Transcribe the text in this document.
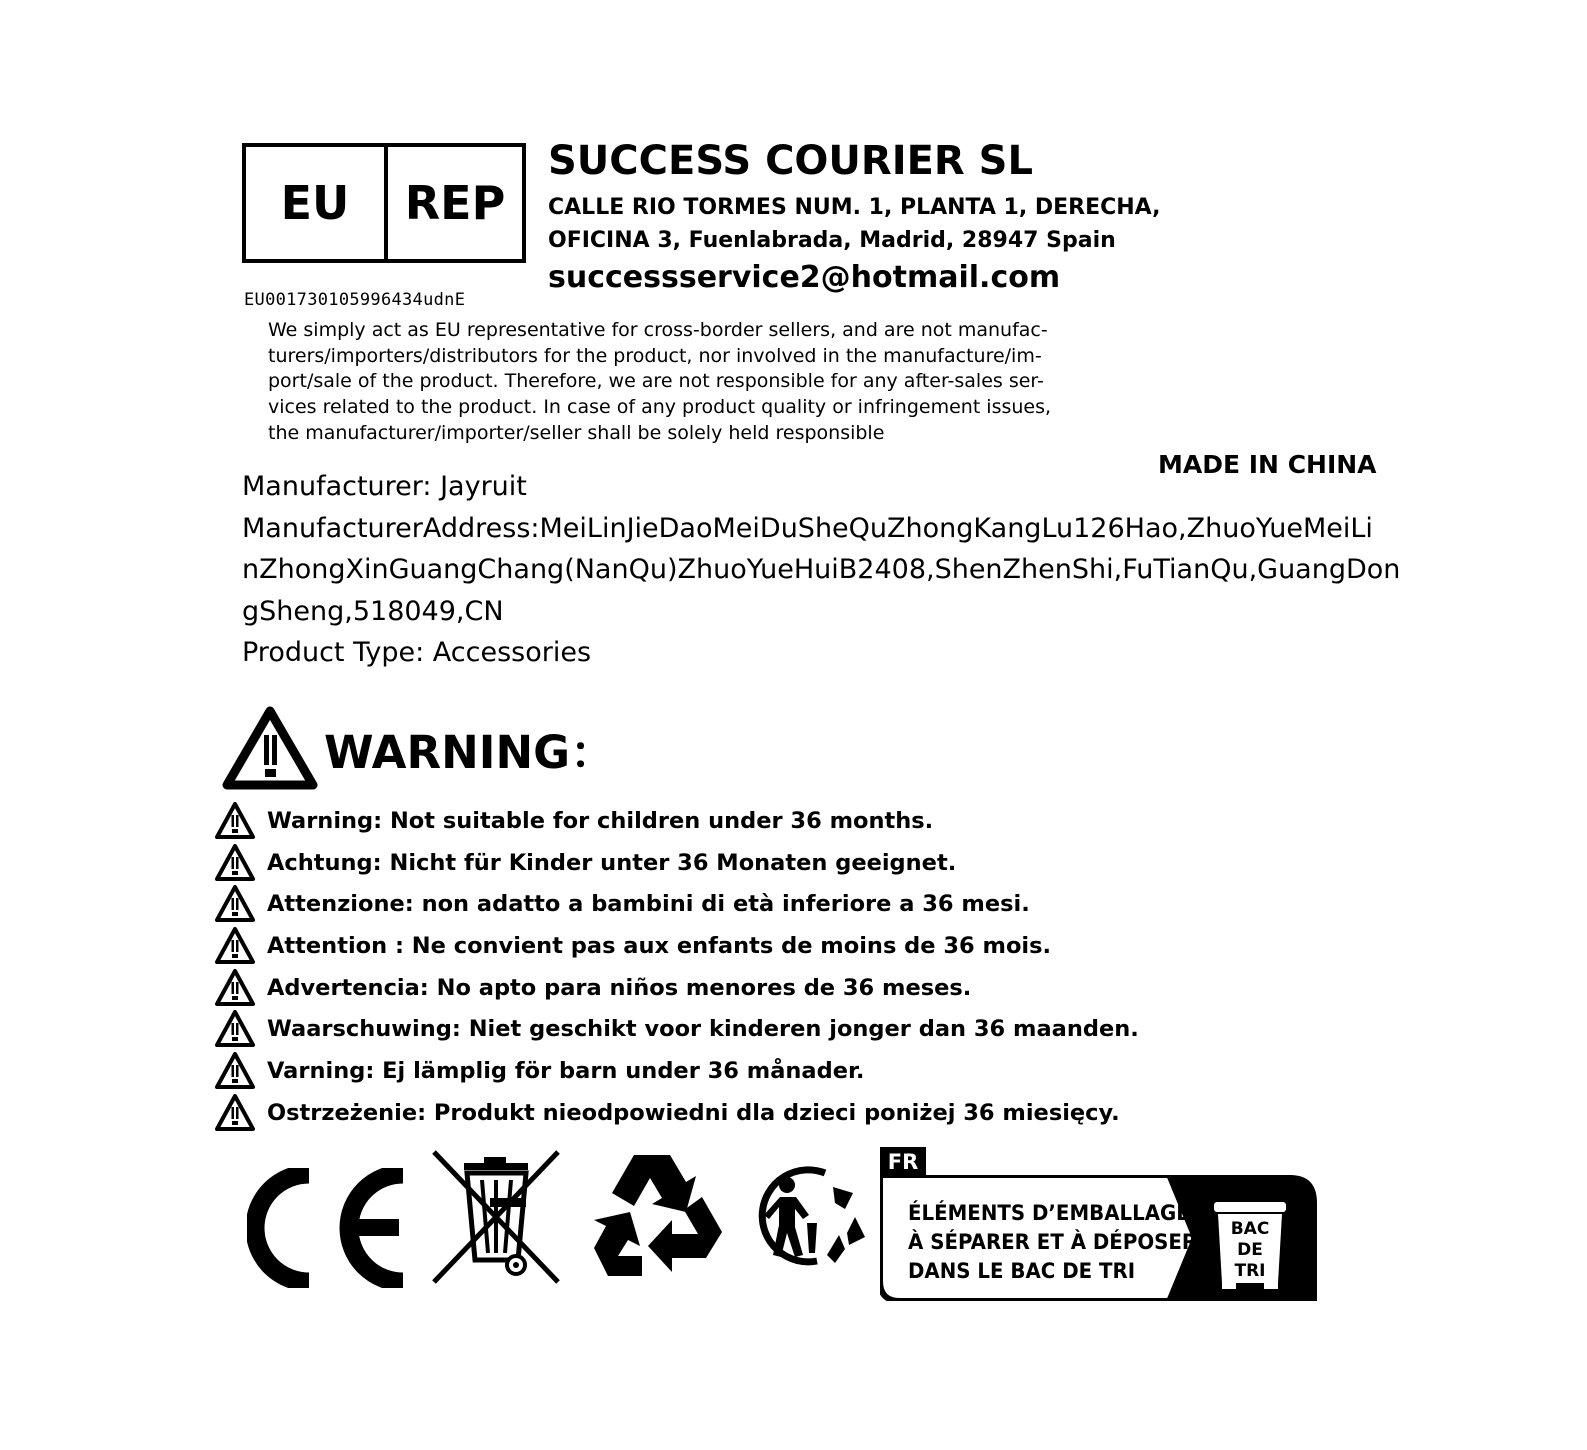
EU	REP
EU001730105996434udnE
SUCCESS COURIER SL
CALLE RIO TORMES NUM. 1, PLANTA 1, DERECHA,
OFICINA 3, Fuenlabrada, Madrid, 28947 Spain
successservice2@hotmail.com
We simply act as EU representative for cross-border sellers, and are not manufac-
turers/importers/distributors for the product, nor involved in the manufacture/im-
port/sale of the product. Therefore, we are not responsible for any after-sales ser-
vices related to the product. In case of any product quality or infringement issues,
the manufacturer/importer/seller shall be solely held responsible
MADE IN CHINA
Manufacturer: Jayruit
ManufacturerAddress:MeiLinJieDaoMeiDuSheQuZhongKangLu126Hao,ZhuoYueMeiLi
nZhongXinGuangChang(NanQu)ZhuoYueHuiB2408,ShenZhenShi,FuTianQu,GuangDon
gSheng,518049,CN
Product Type: Accessories
WARNING：
Warning: Not suitable for children under 36 months.
Achtung: Nicht für Kinder unter 36 Monaten geeignet.
Attenzione: non adatto a bambini di età inferiore a 36 mesi.
Attention : Ne convient pas aux enfants de moins de 36 mois.
Advertencia: No apto para niños menores de 36 meses.
Waarschuwing: Niet geschikt voor kinderen jonger dan 36 maanden.
Varning: Ej lämplig för barn under 36 månader.
Ostrzeżenie: Produkt nieodpowiedni dla dzieci poniżej 36 miesięcy.
FR
ÉLÉMENTS D’EMBALLAGE
À SÉPARER ET À DÉPOSER
DANS LE BAC DE TRI
BAC
DE
TRI
